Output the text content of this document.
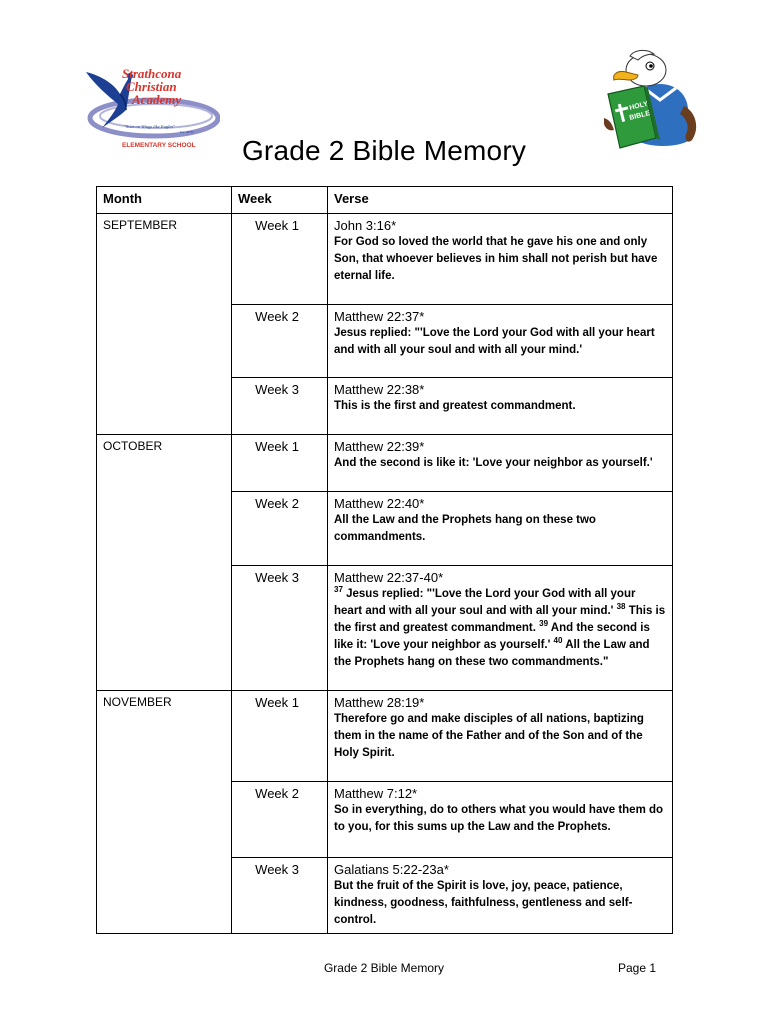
Strathcona
Christian
Academy
"Soar on Wings like Eagles"
Isa. 40:31
ELEMENTARY SCHOOL
HOLY
BIBLE
Grade 2 Bible Memory
Month	Week	Verse
SEPTEMBER	Week 1	John 3:16*
For God so loved the world that he gave his one and only Son, that whoever believes in him shall not perish but have eternal life.

	Week 2	Matthew 22:37*
Jesus replied: "'Love the Lord your God with all your heart and with all your soul and with all your mind.'

	Week 3	Matthew 22:38*
This is the first and greatest commandment.

OCTOBER	Week 1	Matthew 22:39*
And the second is like it: 'Love your neighbor as yourself.'

	Week 2	Matthew 22:40*
All the Law and the Prophets hang on these two commandments.

	Week 3	Matthew 22:37-40*
$^{37}$ Jesus replied: "'Love the Lord your God with all your heart and with all your soul and with all your mind.' $^{38}$ This is the first and greatest commandment. $^{39}$ And the second is like it: 'Love your neighbor as yourself.' $^{40}$ All the Law and the Prophets hang on these two commandments."

NOVEMBER	Week 1	Matthew 28:19*
Therefore go and make disciples of all nations, baptizing them in the name of the Father and of the Son and of the Holy Spirit.

	Week 2	Matthew 7:12*
So in everything, do to others what you would have them do to you, for this sums up the Law and the Prophets.

	Week 3	Galatians 5:22-23a*
But the fruit of the Spirit is love, joy, peace, patience, kindness, goodness, faithfulness, gentleness and self-control.
Grade 2 Bible Memory	Page 1
